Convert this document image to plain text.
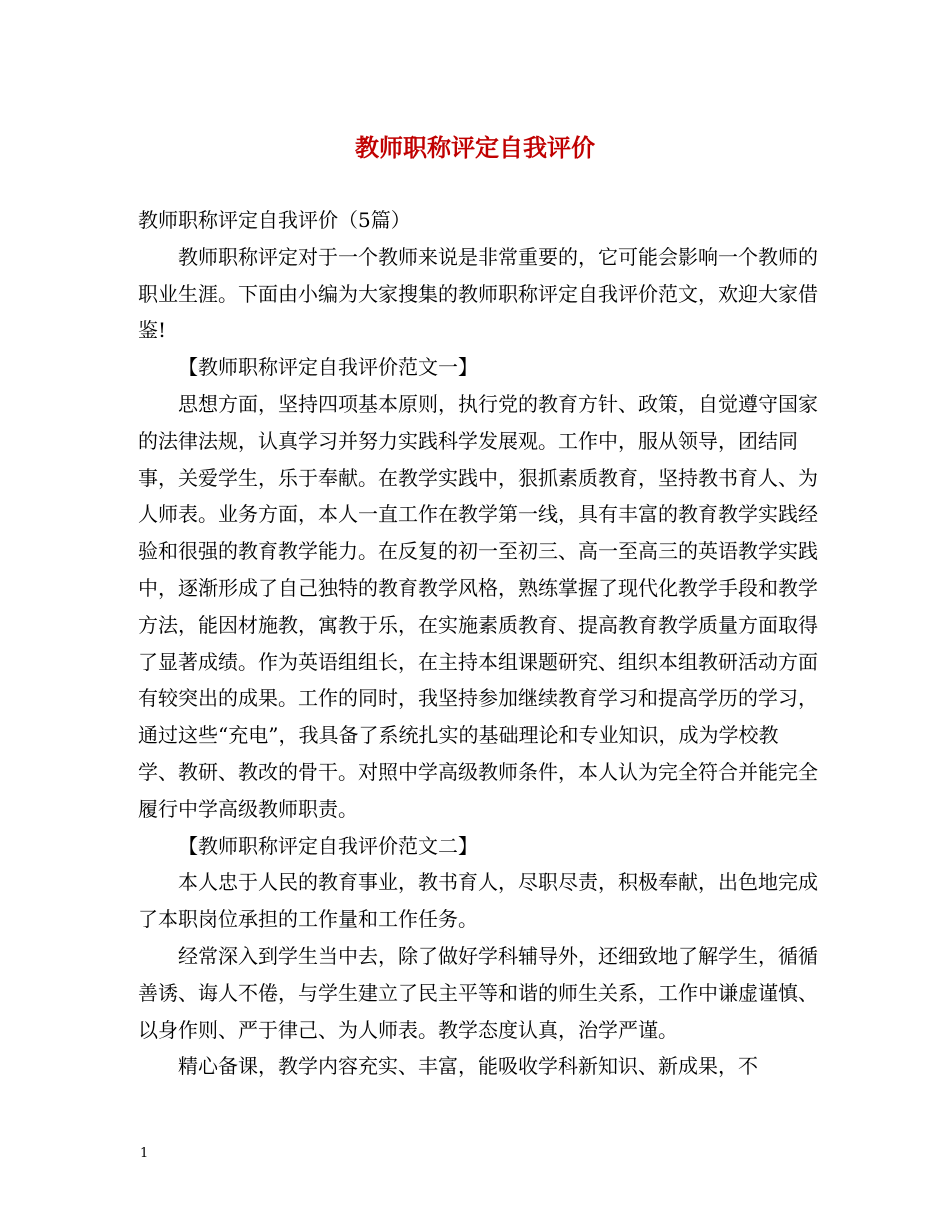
教师职称评定自我评价

教师职称评定自我评价（5篇）

教师职称评定对于一个教师来说是非常重要的，它可能会影响一个教师的职业生涯。下面由小编为大家搜集的教师职称评定自我评价范文，欢迎大家借鉴!

【教师职称评定自我评价范文一】

思想方面，坚持四项基本原则，执行党的教育方针、政策，自觉遵守国家的法律法规，认真学习并努力实践科学发展观。工作中，服从领导，团结同事，关爱学生，乐于奉献。在教学实践中，狠抓素质教育，坚持教书育人、为人师表。业务方面，本人一直工作在教学第一线，具有丰富的教育教学实践经验和很强的教育教学能力。在反复的初一至初三、高一至高三的英语教学实践中，逐渐形成了自己独特的教育教学风格，熟练掌握了现代化教学手段和教学方法，能因材施教，寓教于乐，在实施素质教育、提高教育教学质量方面取得了显著成绩。作为英语组组长，在主持本组课题研究、组织本组教研活动方面有较突出的成果。工作的同时，我坚持参加继续教育学习和提高学历的学习，通过这些“充电”，我具备了系统扎实的基础理论和专业知识，成为学校教学、教研、教改的骨干。对照中学高级教师条件，本人认为完全符合并能完全履行中学高级教师职责。

【教师职称评定自我评价范文二】

本人忠于人民的教育事业，教书育人，尽职尽责，积极奉献，出色地完成了本职岗位承担的工作量和工作任务。

经常深入到学生当中去，除了做好学科辅导外，还细致地了解学生，循循善诱、诲人不倦，与学生建立了民主平等和谐的师生关系，工作中谦虚谨慎、以身作则、严于律己、为人师表。教学态度认真，治学严谨。

精心备课，教学内容充实、丰富，能吸收学科新知识、新成果，不

1
